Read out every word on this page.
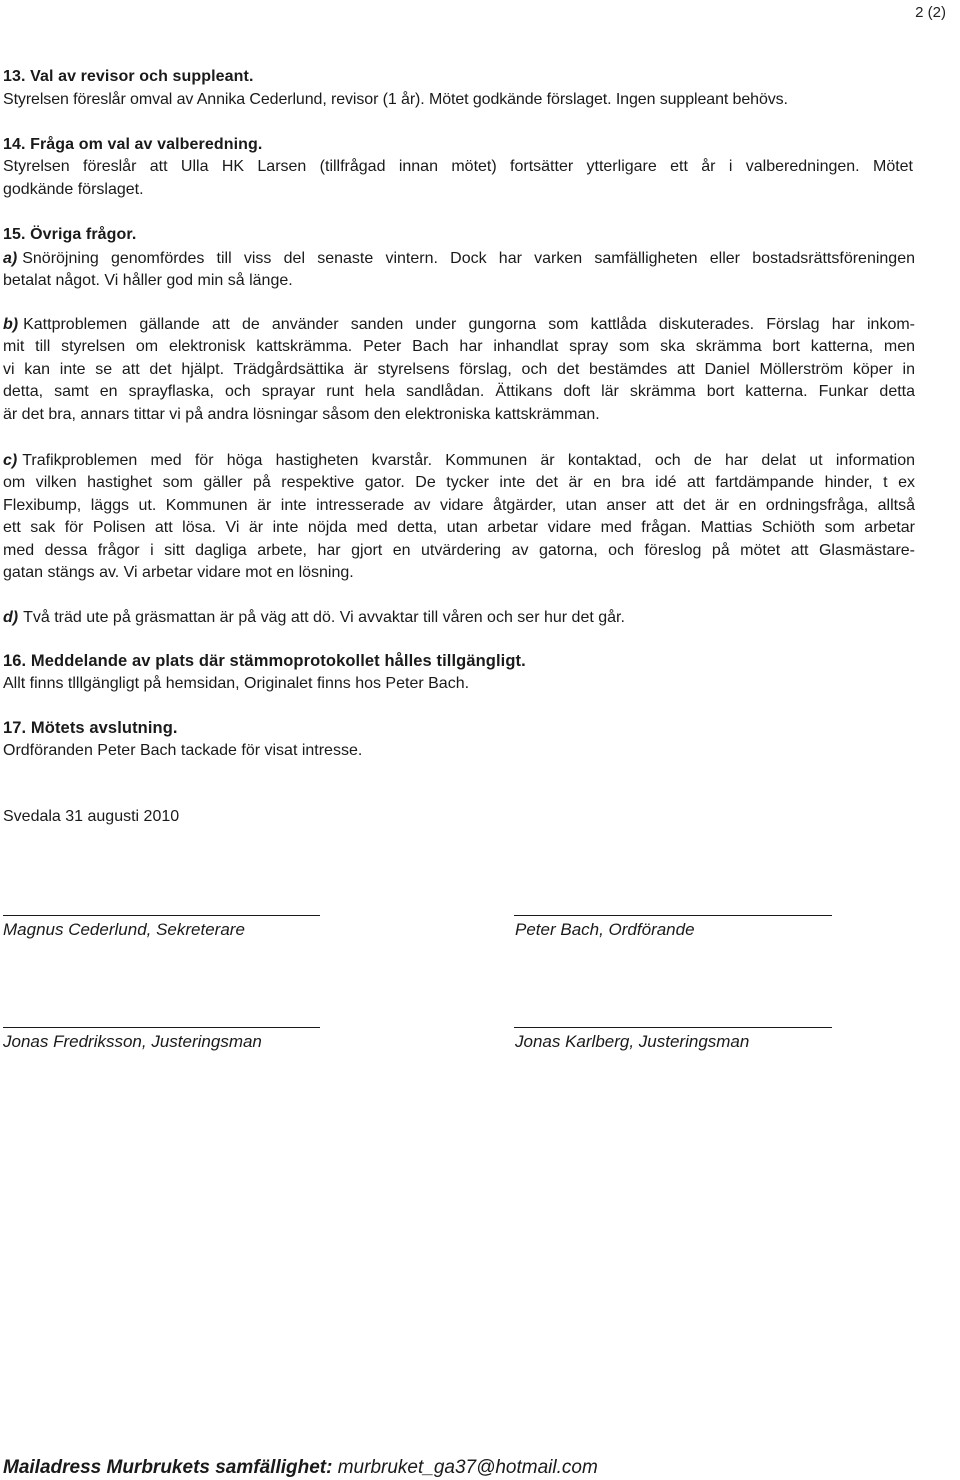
2 (2)
13. Val av revisor och suppleant.
Styrelsen föreslår omval av Annika Cederlund, revisor (1 år). Mötet godkände förslaget. Ingen suppleant behövs.
14. Fråga om val av valberedning.
Styrelsen föreslår att Ulla HK Larsen (tillfrågad innan mötet) fortsätter ytterligare ett år i valberedningen. Mötet
godkände förslaget.
15. Övriga frågor.
a) Snöröjning genomfördes till viss del senaste vintern. Dock har varken samfälligheten eller bostadsrättsföreningen
betalat något. Vi håller god min så länge.
b) Kattproblemen gällande att de använder sanden under gungorna som kattlåda diskuterades. Förslag har inkom-
mit till styrelsen om elektronisk kattskrämma. Peter Bach har inhandlat spray som ska skrämma bort katterna, men
vi kan inte se att det hjälpt. Trädgårdsättika är styrelsens förslag, och det bestämdes att Daniel Möllerström köper in
detta, samt en sprayflaska, och sprayar runt hela sandlådan. Ättikans doft lär skrämma bort katterna. Funkar detta
är det bra, annars tittar vi på andra lösningar såsom den elektroniska kattskrämman.
c) Trafikproblemen med för höga hastigheten kvarstår. Kommunen är kontaktad, och de har delat ut information
om vilken hastighet som gäller på respektive gator. De tycker inte det är en bra idé att fartdämpande hinder, t ex
Flexibump, läggs ut. Kommunen är inte intresserade av vidare åtgärder, utan anser att det är en ordningsfråga, alltså
ett sak för Polisen att lösa. Vi är inte nöjda med detta, utan arbetar vidare med frågan. Mattias Schiöth som arbetar
med dessa frågor i sitt dagliga arbete, har gjort en utvärdering av gatorna, och föreslog på mötet att Glasmästare-
gatan stängs av. Vi arbetar vidare mot en lösning.
d) Två träd ute på gräsmattan är på väg att dö. Vi avvaktar till våren och ser hur det går.
16. Meddelande av plats där stämmoprotokollet hålles tillgängligt.
Allt finns tlllgängligt på hemsidan, Originalet finns hos Peter Bach.
17. Mötets avslutning.
Ordföranden Peter Bach tackade för visat intresse.
Svedala 31 augusti 2010
Magnus Cederlund, Sekreterare	Peter Bach, Ordförande
Jonas Fredriksson, Justeringsman	Jonas Karlberg, Justeringsman
Mailadress Murbrukets samfällighet: murbruket_ga37@hotmail.com
